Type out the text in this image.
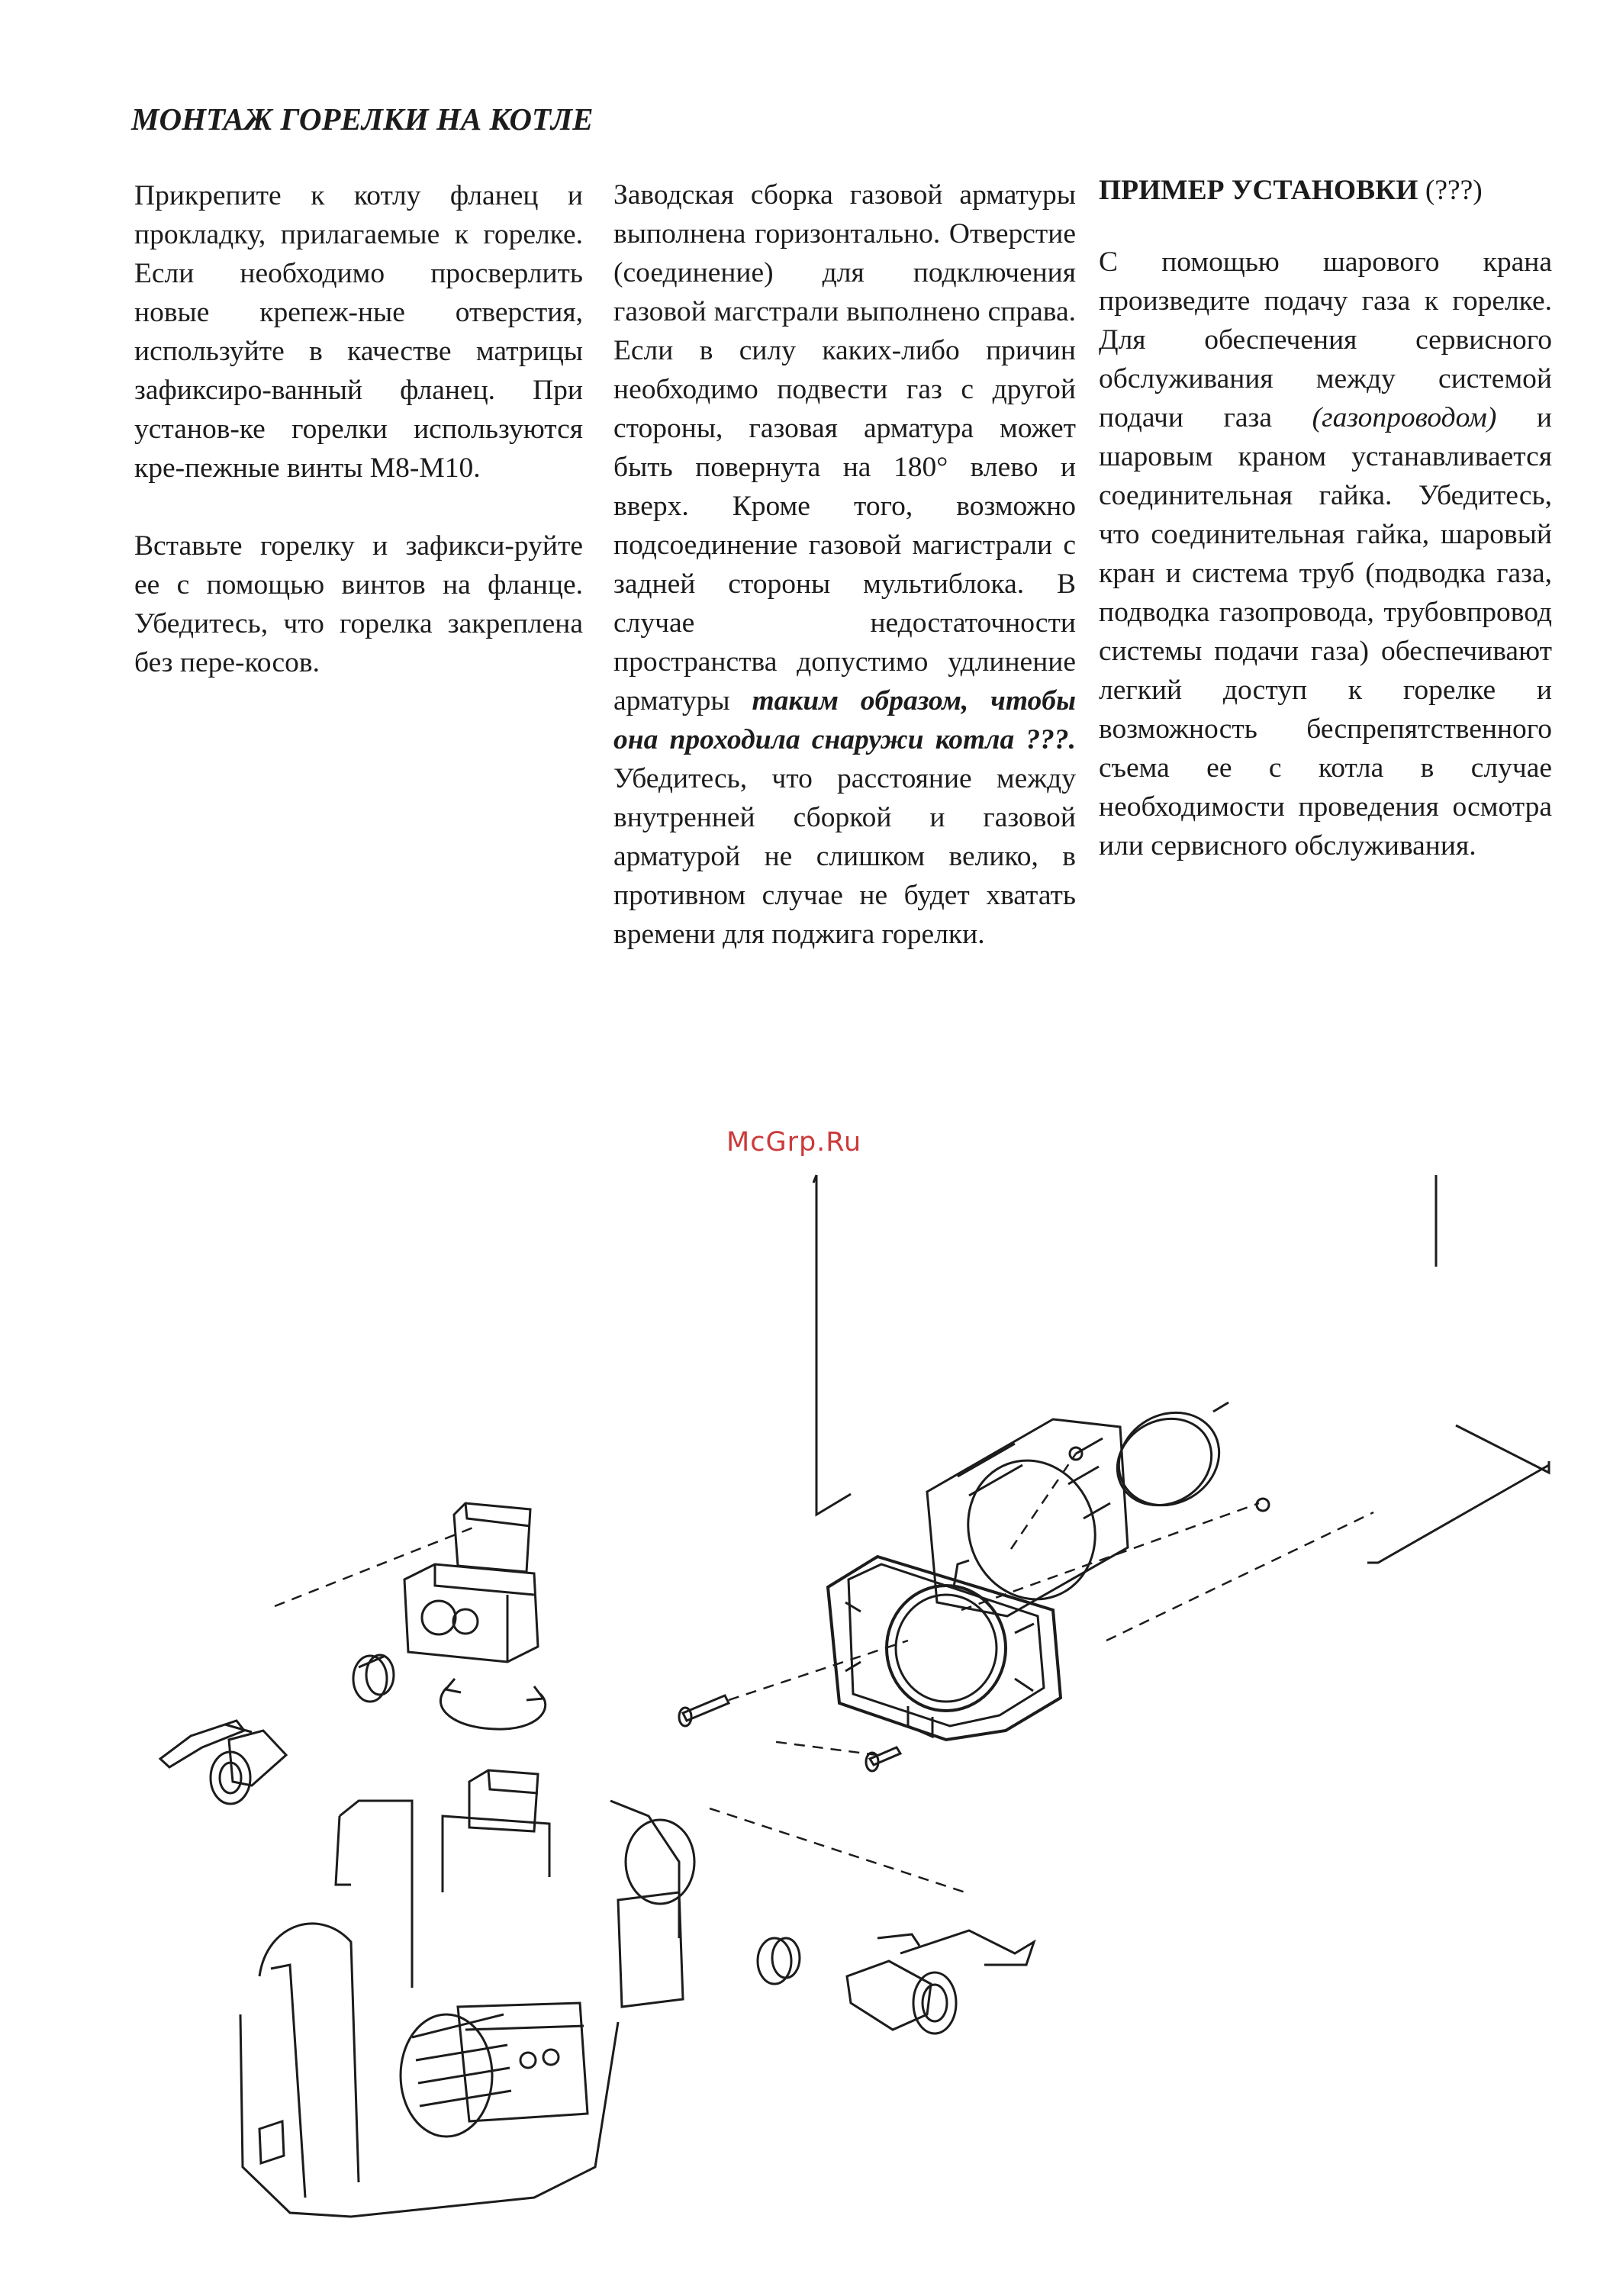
МОНТАЖ ГОРЕЛКИ НА КОТЛЕ

Прикрепите к котлу фланец и прокладку, прилагаемые к горелке. Если необходимо просверлить новые крепеж-ные отверстия, используйте в качестве матрицы зафиксиро-ванный фланец. При установ-ке горелки используются кре-пежные винты М8-М10.

Вставьте горелку и зафикси-руйте ее с помощью винтов на фланце. Убедитесь, что горелка закреплена без пере-косов.

Заводская сборка газовой арматуры выполнена горизонтально. Отверстие (соединение) для подключения газовой магстрали выполнено справа. Если в силу каких-либо причин необходимо подвести газ с другой стороны, газовая арматура может быть повернута на 180° влево и вверх. Кроме того, возможно подсоединение газовой магистрали с задней стороны мультиблока. В случае недостаточности пространства допустимо удлинение арматуры таким образом, чтобы она проходила снаружи котла ???. Убедитесь, что расстояние между внутренней сборкой и газовой арматурой не слишком велико, в противном случае не будет хватать времени для поджига горелки.

ПРИМЕР УСТАНОВКИ (???)

С помощью шарового крана произведите подачу газа к горелке. Для обеспечения сервисного обслуживания между системой подачи газа (газопроводом) и шаровым краном устанавливается соединительная гайка. Убедитесь, что соединительная гайка, шаровый кран и система труб (подводка газа, подводка газопровода, трубовпровод системы подачи газа) обеспечивают легкий доступ к горелке и возможность беспрепятственного съема ее с котла в случае необходимости проведения осмотра или сервисного обслуживания.

McGrp.Ru
